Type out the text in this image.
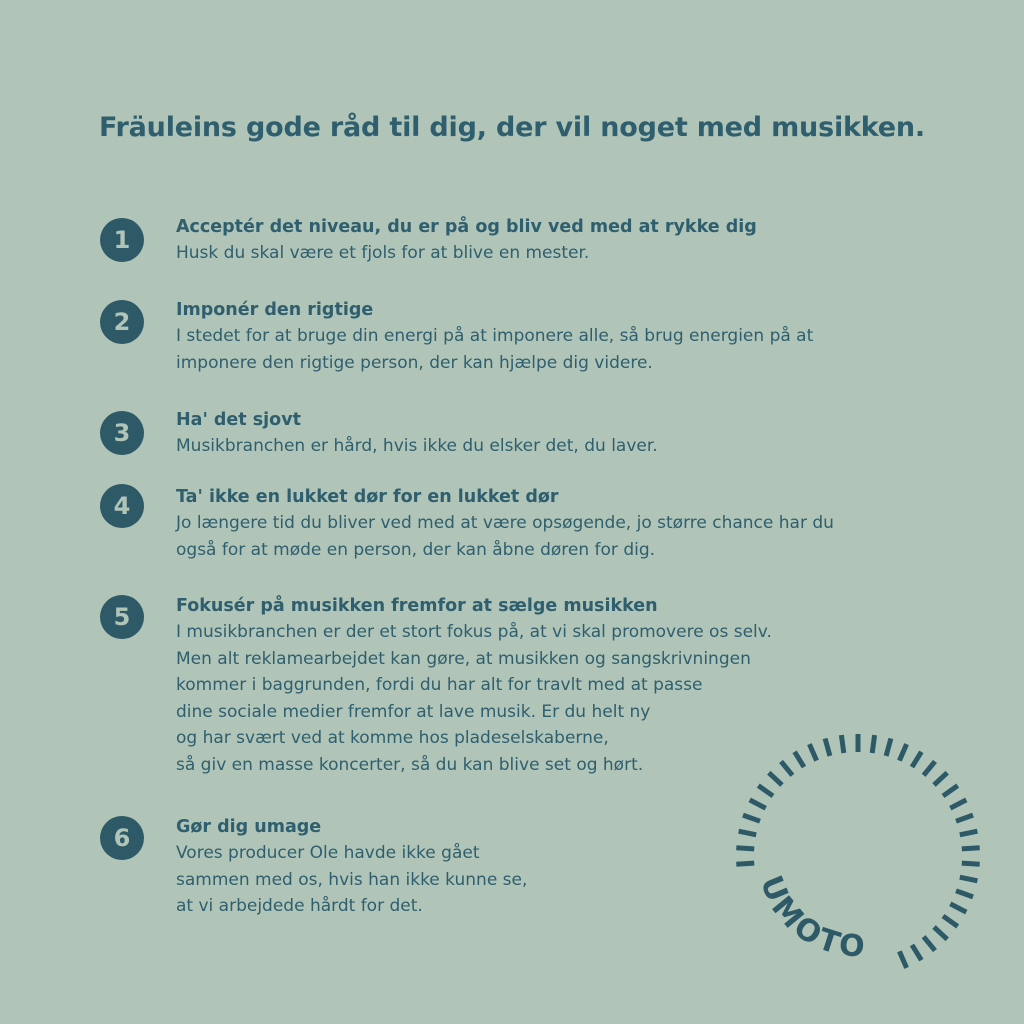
Fräuleins gode råd til dig, der vil noget med musikken.
1	Acceptér det niveau, du er på og bliv ved med at rykke dig
Husk du skal være et fjols for at blive en mester.
2	Imponér den rigtige
I stedet for at bruge din energi på at imponere alle, så brug energien på at
imponere den rigtige person, der kan hjælpe dig videre.
3	Ha' det sjovt
Musikbranchen er hård, hvis ikke du elsker det, du laver.
4	Ta' ikke en lukket dør for en lukket dør
Jo længere tid du bliver ved med at være opsøgende, jo større chance har du
også for at møde en person, der kan åbne døren for dig.
5	Fokusér på musikken fremfor at sælge musikken
I musikbranchen er der et stort fokus på, at vi skal promovere os selv.
Men alt reklamearbejdet kan gøre, at musikken og sangskrivningen
kommer i baggrunden, fordi du har alt for travlt med at passe
dine sociale medier fremfor at lave musik. Er du helt ny
og har svært ved at komme hos pladeselskaberne,
så giv en masse koncerter, så du kan blive set og hørt.
6	Gør dig umage
Vores producer Ole havde ikke gået
sammen med os, hvis han ikke kunne se,
at vi arbejdede hårdt for det.	UMOTO
